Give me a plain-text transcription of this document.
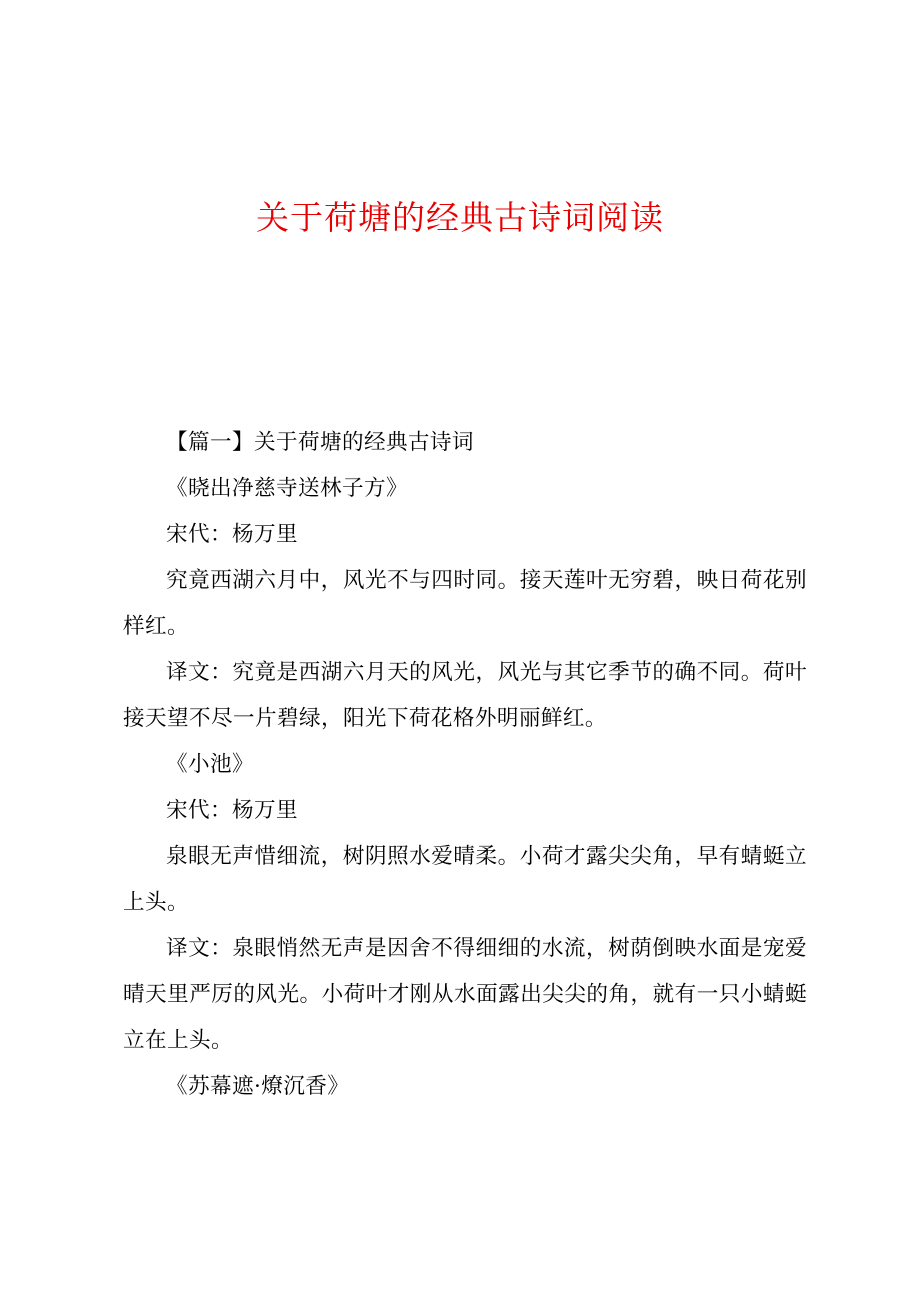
关于荷塘的经典古诗词阅读

【篇一】关于荷塘的经典古诗词

《晓出净慈寺送林子方》

宋代：杨万里

究竟西湖六月中，风光不与四时同。接天莲叶无穷碧，映日荷花别样红。

译文：究竟是西湖六月天的风光，风光与其它季节的确不同。荷叶接天望不尽一片碧绿，阳光下荷花格外明丽鲜红。

《小池》

宋代：杨万里

泉眼无声惜细流，树阴照水爱晴柔。小荷才露尖尖角，早有蜻蜓立上头。

译文：泉眼悄然无声是因舍不得细细的水流，树荫倒映水面是宠爱晴天里严厉的风光。小荷叶才刚从水面露出尖尖的角，就有一只小蜻蜓立在上头。

《苏幕遮·燎沉香》
